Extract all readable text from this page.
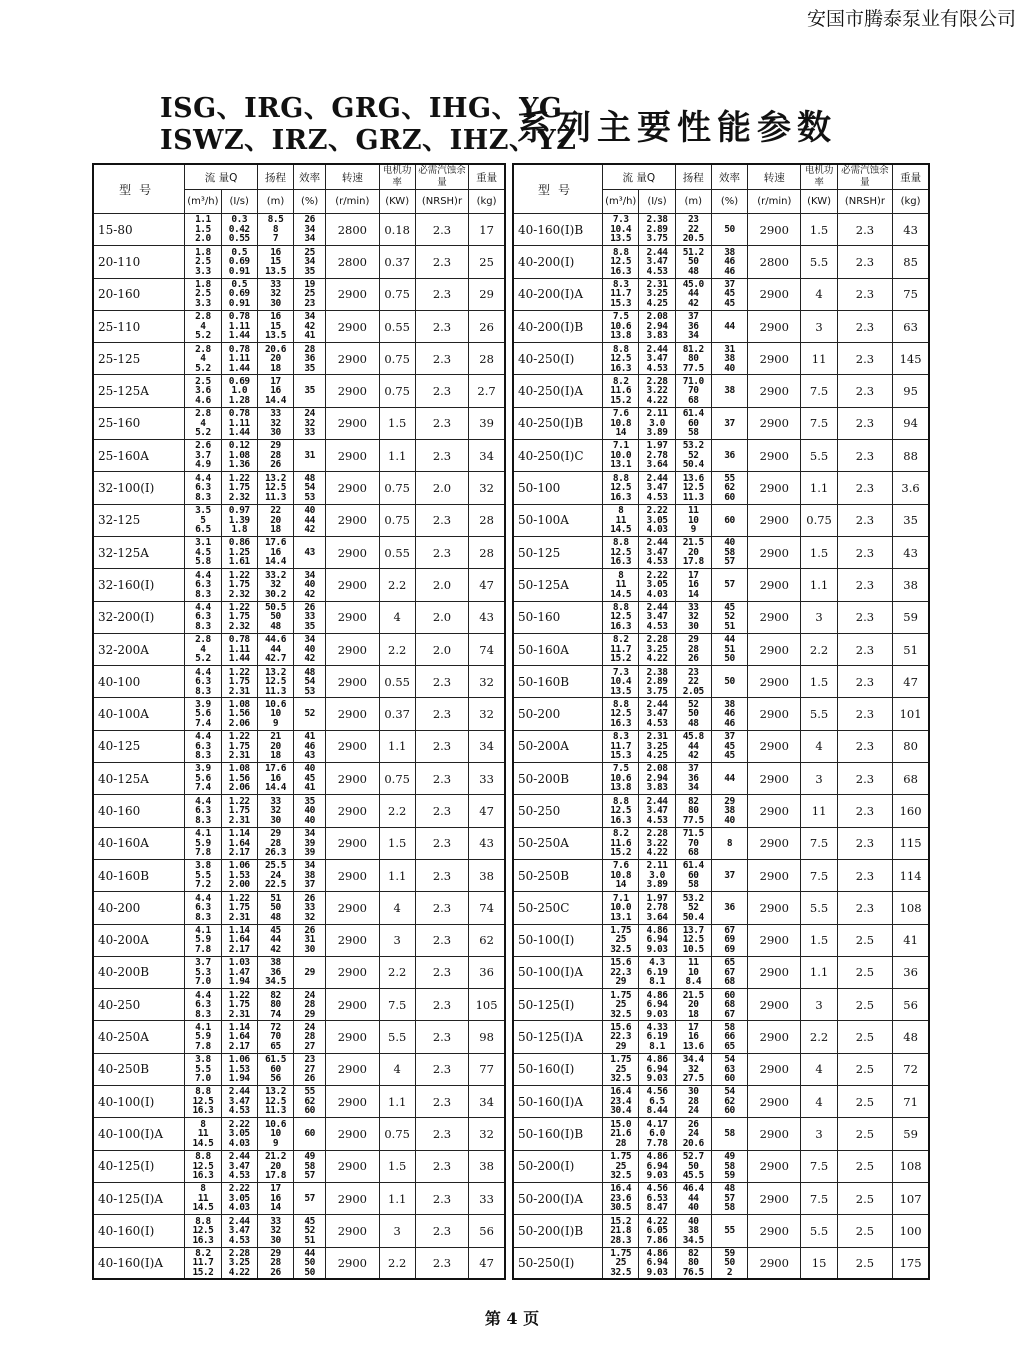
安国市腾泰泵业有限公司
ISG、IRG、GRG、IHG、YG
ISWZ、IRZ、GRZ、IHZ、YZ
系列主要性能参数
型号	流 量Q		扬程	效率	转速	电机功率	必需汽蚀余量	重量
	(m³/h)	(I/s)	(m)	(%)	(r/min)	(KW)	(NRSH)r	(kg)
15-80	1.1
1.5
2.0	0.3
0.42
0.55	8.5
8
7	26
34
34	2800	0.18	2.3	17
20-110	1.8
2.5
3.3	0.5
0.69
0.91	16
15
13.5	25
34
35	2800	0.37	2.3	25
20-160	1.8
2.5
3.3	0.5
0.69
0.91	33
32
30	19
25
23	2900	0.75	2.3	29
25-110	2.8
4
5.2	0.78
1.11
1.44	16
15
13.5	34
42
41	2900	0.55	2.3	26
25-125	2.8
4
5.2	0.78
1.11
1.44	20.6
20
18	28
36
35	2900	0.75	2.3	28
25-125A	2.5
3.6
4.6	0.69
1.0
1.28	17
16
14.4	35	2900	0.75	2.3	2.7
25-160	2.8
4
5.2	0.78
1.11
1.44	33
32
30	24
32
33	2900	1.5	2.3	39
25-160A	2.6
3.7
4.9	0.12
1.08
1.36	29
28
26	31	2900	1.1	2.3	34
32-100(I)	4.4
6.3
8.3	1.22
1.75
2.32	13.2
12.5
11.3	48
54
53	2900	0.75	2.0	32
32-125	3.5
5
6.5	0.97
1.39
1.8	22
20
18	40
44
42	2900	0.75	2.3	28
32-125A	3.1
4.5
5.8	0.86
1.25
1.61	17.6
16
14.4	43	2900	0.55	2.3	28
32-160(I)	4.4
6.3
8.3	1.22
1.75
2.32	33.2
32
30.2	34
40
42	2900	2.2	2.0	47
32-200(I)	4.4
6.3
8.3	1.22
1.75
2.32	50.5
50
48	26
33
35	2900	4	2.0	43
32-200A	2.8
4
5.2	0.78
1.11
1.44	44.6
44
42.7	34
40
42	2900	2.2	2.0	74
40-100	4.4
6.3
8.3	1.22
1.75
2.31	13.2
12.5
11.3	48
54
53	2900	0.55	2.3	32
40-100A	3.9
5.6
7.4	1.08
1.56
2.06	10.6
10
9	52	2900	0.37	2.3	32
40-125	4.4
6.3
8.3	1.22
1.75
2.31	21
20
18	41
46
43	2900	1.1	2.3	34
40-125A	3.9
5.6
7.4	1.08
1.56
2.06	17.6
16
14.4	40
45
41	2900	0.75	2.3	33
40-160	4.4
6.3
8.3	1.22
1.75
2.31	33
32
30	35
40
40	2900	2.2	2.3	47
40-160A	4.1
5.9
7.8	1.14
1.64
2.17	29
28
26.3	34
39
39	2900	1.5	2.3	43
40-160B	3.8
5.5
7.2	1.06
1.53
2.00	25.5
24
22.5	34
38
37	2900	1.1	2.3	38
40-200	4.4
6.3
8.3	1.22
1.75
2.31	51
50
48	26
33
32	2900	4	2.3	74
40-200A	4.1
5.9
7.8	1.14
1.64
2.17	45
44
42	26
31
30	2900	3	2.3	62
40-200B	3.7
5.3
7.0	1.03
1.47
1.94	38
36
34.5	29	2900	2.2	2.3	36
40-250	4.4
6.3
8.3	1.22
1.75
2.31	82
80
74	24
28
29	2900	7.5	2.3	105
40-250A	4.1
5.9
7.8	1.14
1.64
2.17	72
70
65	24
28
27	2900	5.5	2.3	98
40-250B	3.8
5.5
7.0	1.06
1.53
1.94	61.5
60
56	23
27
26	2900	4	2.3	77
40-100(I)	8.8
12.5
16.3	2.44
3.47
4.53	13.2
12.5
11.3	55
62
60	2900	1.1	2.3	34
40-100(I)A	8
11
14.5	2.22
3.05
4.03	10.6
10
9	60	2900	0.75	2.3	32
40-125(I)	8.8
12.5
16.3	2.44
3.47
4.53	21.2
20
17.8	49
58
57	2900	1.5	2.3	38
40-125(I)A	8
11
14.5	2.22
3.05
4.03	17
16
14	57	2900	1.1	2.3	33
40-160(I)	8.8
12.5
16.3	2.44
3.47
4.53	33
32
30	45
52
51	2900	3	2.3	56
40-160(I)A	8.2
11.7
15.2	2.28
3.25
4.22	29
28
26	44
50
50	2900	2.2	2.3	47
型号	流 量Q		扬程	效率	转速	电机功率	必需汽蚀余量	重量
	(m³/h)	(I/s)	(m)	(%)	(r/min)	(KW)	(NRSH)r	(kg)
40-160(I)B	7.3
10.4
13.5	2.38
2.89
3.75	23
22
20.5	50	2900	1.5	2.3	43
40-200(I)	8.8
12.5
16.3	2.44
3.47
4.53	51.2
50
48	38
46
46	2800	5.5	2.3	85
40-200(I)A	8.3
11.7
15.3	2.31
3.25
4.25	45.0
44
42	37
45
45	2900	4	2.3	75
40-200(I)B	7.5
10.6
13.8	2.08
2.94
3.83	37
36
34	44	2900	3	2.3	63
40-250(I)	8.8
12.5
16.3	2.44
3.47
4.53	81.2
80
77.5	31
38
40	2900	11	2.3	145
40-250(I)A	8.2
11.6
15.2	2.28
3.22
4.22	71.0
70
68	38	2900	7.5	2.3	95
40-250(I)B	7.6
10.8
14	2.11
3.0
3.89	61.4
60
58	37	2900	7.5	2.3	94
40-250(I)C	7.1
10.0
13.1	1.97
2.78
3.64	53.2
52
50.4	36	2900	5.5	2.3	88
50-100	8.8
12.5
16.3	2.44
3.47
4.53	13.6
12.5
11.3	55
62
60	2900	1.1	2.3	3.6
50-100A	8
11
14.5	2.22
3.05
4.03	11
10
9	60	2900	0.75	2.3	35
50-125	8.8
12.5
16.3	2.44
3.47
4.53	21.5
20
17.8	40
58
57	2900	1.5	2.3	43
50-125A	8
11
14.5	2.22
3.05
4.03	17
16
14	57	2900	1.1	2.3	38
50-160	8.8
12.5
16.3	2.44
3.47
4.53	33
32
30	45
52
51	2900	3	2.3	59
50-160A	8.2
11.7
15.2	2.28
3.25
4.22	29
28
26	44
51
50	2900	2.2	2.3	51
50-160B	7.3
10.4
13.5	2.38
2.89
3.75	23
22
2.05	50	2900	1.5	2.3	47
50-200	8.8
12.5
16.3	2.44
3.47
4.53	52
50
48	38
46
46	2900	5.5	2.3	101
50-200A	8.3
11.7
15.3	2.31
3.25
4.25	45.8
44
42	37
45
45	2900	4	2.3	80
50-200B	7.5
10.6
13.8	2.08
2.94
3.83	37
36
34	44	2900	3	2.3	68
50-250	8.8
12.5
16.3	2.44
3.47
4.53	82
80
77.5	29
38
40	2900	11	2.3	160
50-250A	8.2
11.6
15.2	2.28
3.22
4.22	71.5
70
68	8	2900	7.5	2.3	115
50-250B	7.6
10.8
14	2.11
3.0
3.89	61.4
60
58	37	2900	7.5	2.3	114
50-250C	7.1
10.0
13.1	1.97
2.78
3.64	53.2
52
50.4	36	2900	5.5	2.3	108
50-100(I)	1.75
25
32.5	4.86
6.94
9.03	13.7
12.5
10.5	67
69
69	2900	1.5	2.5	41
50-100(I)A	15.6
22.3
29	4.3
6.19
8.1	11
10
8.4	65
67
68	2900	1.1	2.5	36
50-125(I)	1.75
25
32.5	4.86
6.94
9.03	21.5
20
18	60
68
67	2900	3	2.5	56
50-125(I)A	15.6
22.3
29	4.33
6.19
8.1	17
16
13.6	58
66
65	2900	2.2	2.5	48
50-160(I)	1.75
25
32.5	4.86
6.94
9.03	34.4
32
27.5	54
63
60	2900	4	2.5	72
50-160(I)A	16.4
23.4
30.4	4.56
6.5
8.44	30
28
24	54
62
60	2900	4	2.5	71
50-160(I)B	15.0
21.6
28	4.17
6.0
7.78	26
24
20.6	58	2900	3	2.5	59
50-200(I)	1.75
25
32.5	4.86
6.94
9.03	52.7
50
45.5	49
58
59	2900	7.5	2.5	108
50-200(I)A	16.4
23.6
30.5	4.56
6.53
8.47	46.4
44
40	48
57
58	2900	7.5	2.5	107
50-200(I)B	15.2
21.8
28.3	4.22
6.05
7.86	40
38
34.5	55	2900	5.5	2.5	100
50-250(I)	1.75
25
32.5	4.86
6.94
9.03	82
80
76.5	59
50
2	2900	15	2.5	175
第 4 页
